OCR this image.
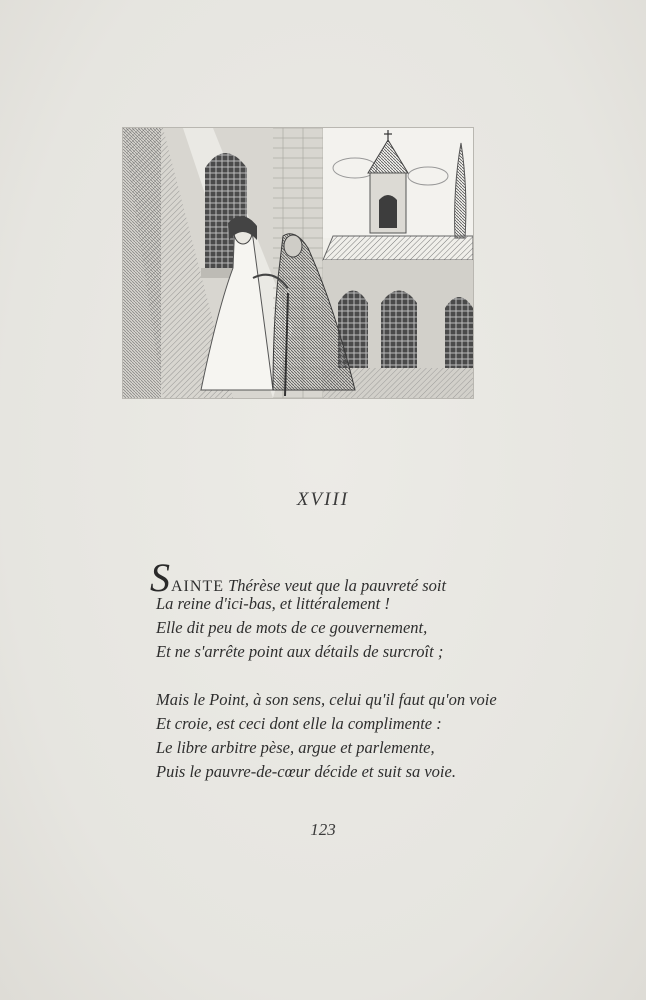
XVIII
SAINTE Thérèse veut que la pauvreté soit
La reine d'ici-bas, et littéralement !
Elle dit peu de mots de ce gouvernement,
Et ne s'arrête point aux détails de surcroît ;
Mais le Point, à son sens, celui qu'il faut qu'on voie
Et croie, est ceci dont elle la complimente :
Le libre arbitre pèse, argue et parlemente,
Puis le pauvre-de-cœur décide et suit sa voie.
123
